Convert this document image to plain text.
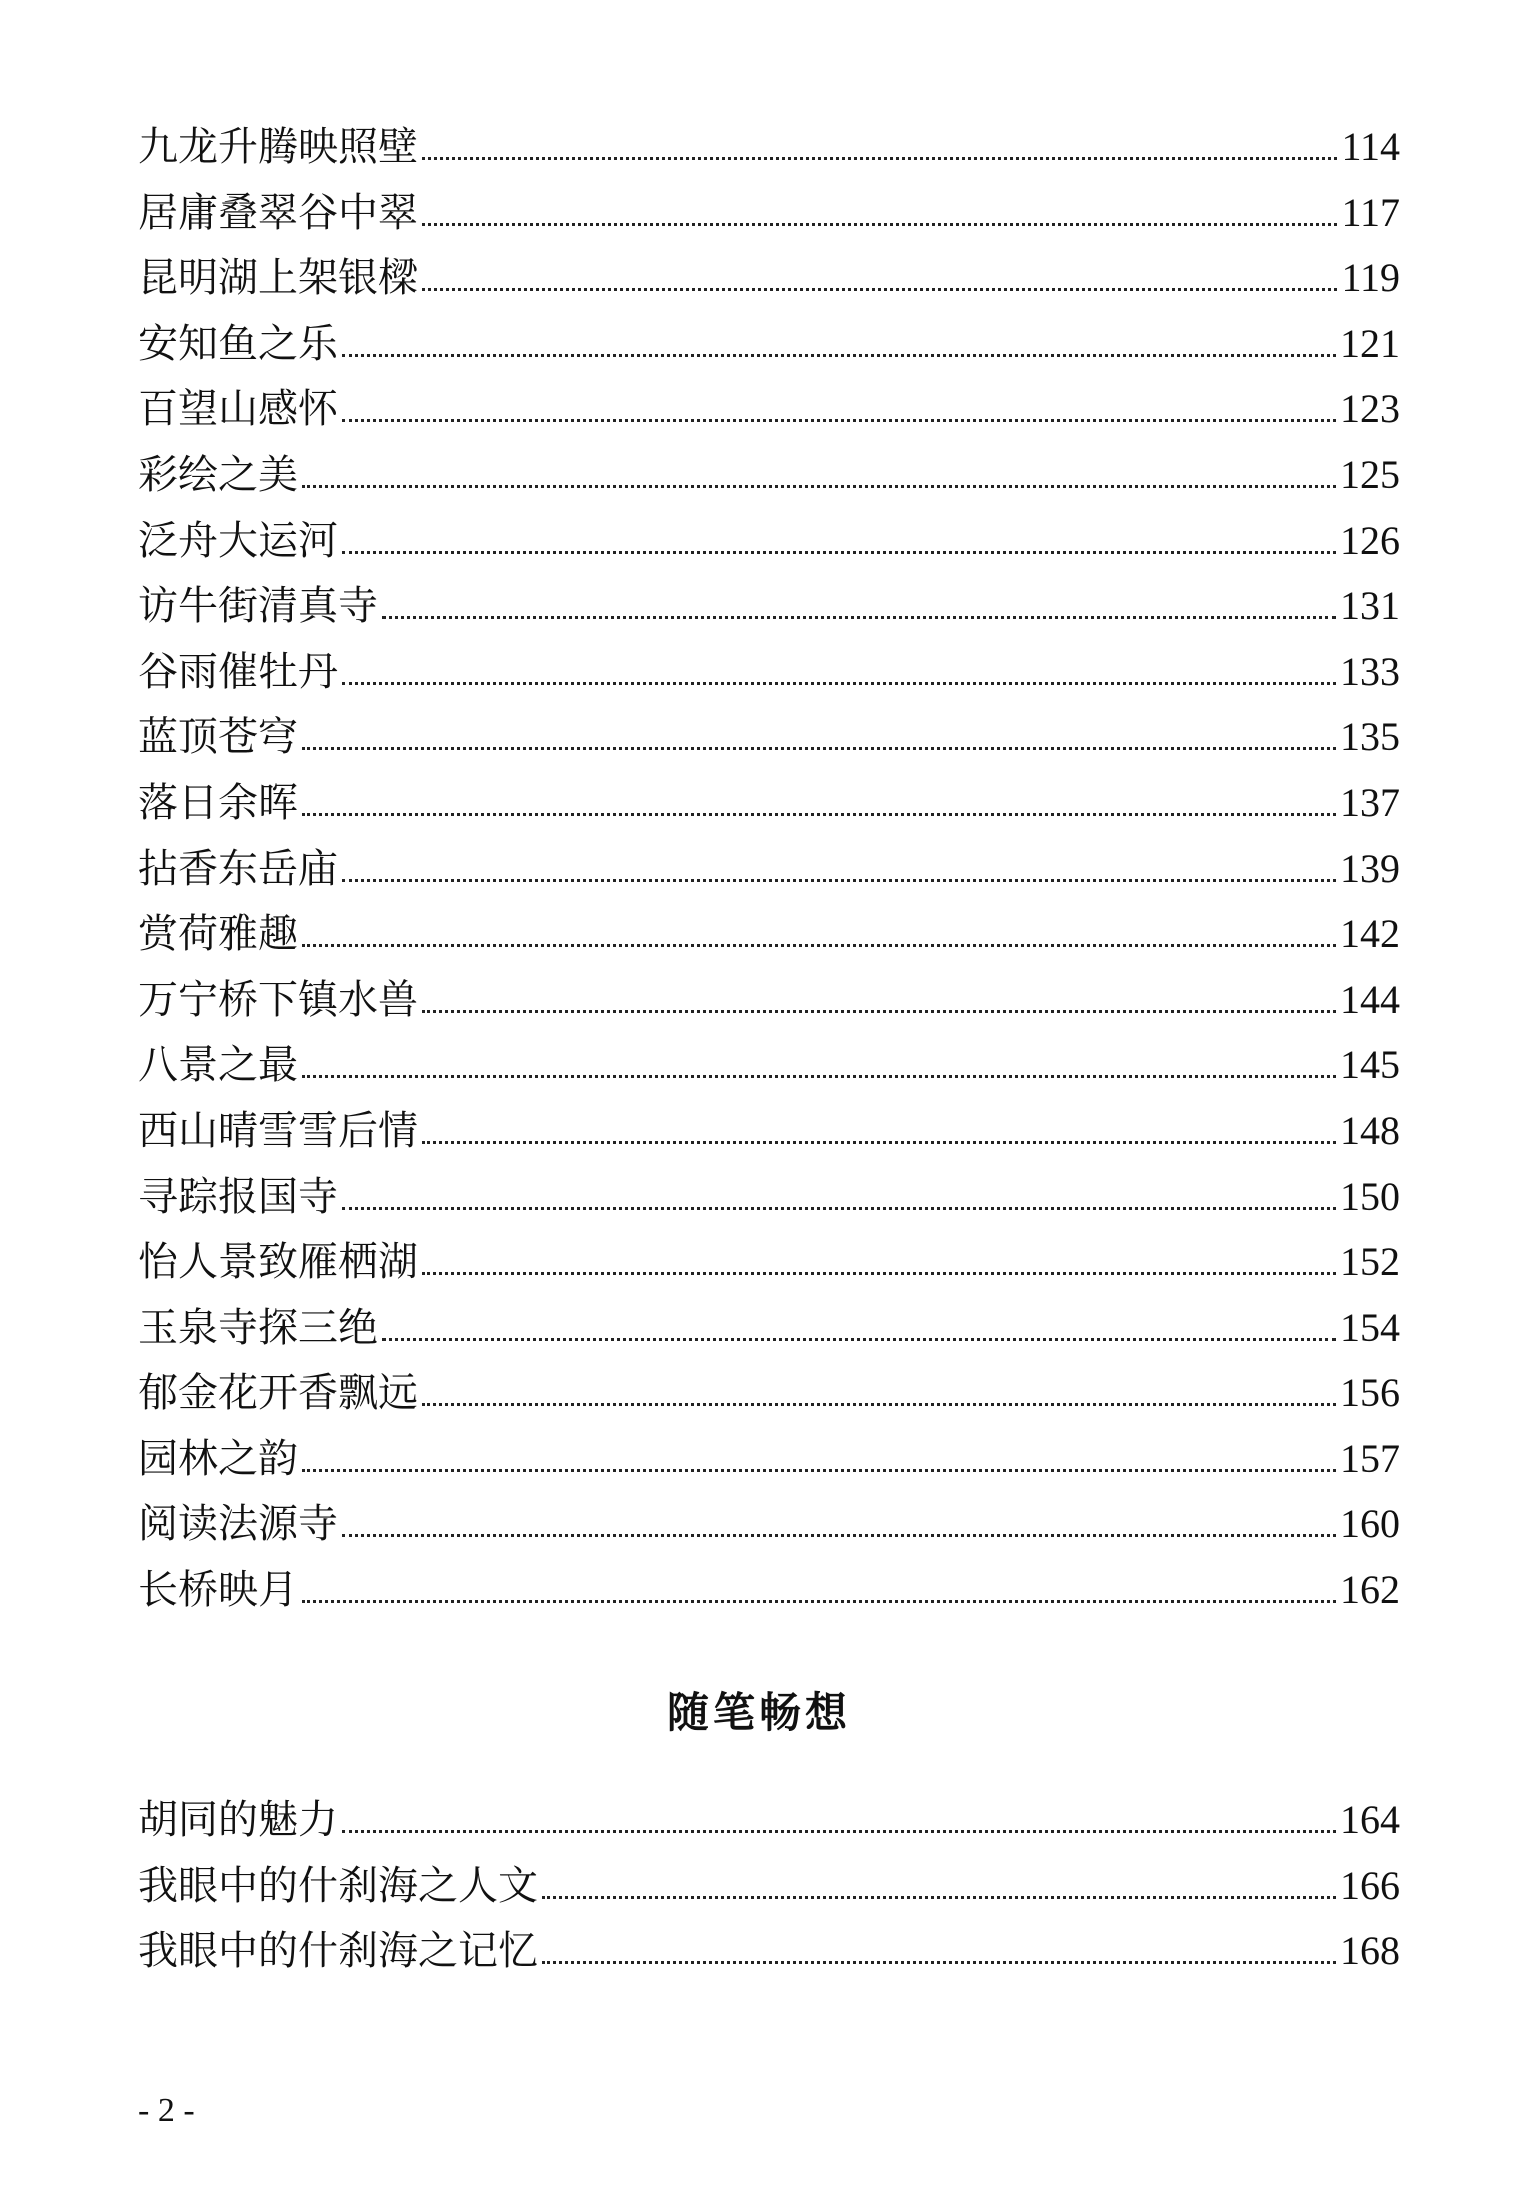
九龙升腾映照壁	114
居庸叠翠谷中翠	117
昆明湖上架银樑	119
安知鱼之乐	121
百望山感怀	123
彩绘之美	125
泛舟大运河	126
访牛街清真寺	131
谷雨催牡丹	133
蓝顶苍穹	135
落日余晖	137
拈香东岳庙	139
赏荷雅趣	142
万宁桥下镇水兽	144
八景之最	145
西山晴雪雪后情	148
寻踪报国寺	150
怡人景致雁栖湖	152
玉泉寺探三绝	154
郁金花开香飘远	156
园林之韵	157
阅读法源寺	160
长桥映月	162
随笔畅想
胡同的魅力	164
我眼中的什刹海之人文	166
我眼中的什刹海之记忆	168
- 2 -
